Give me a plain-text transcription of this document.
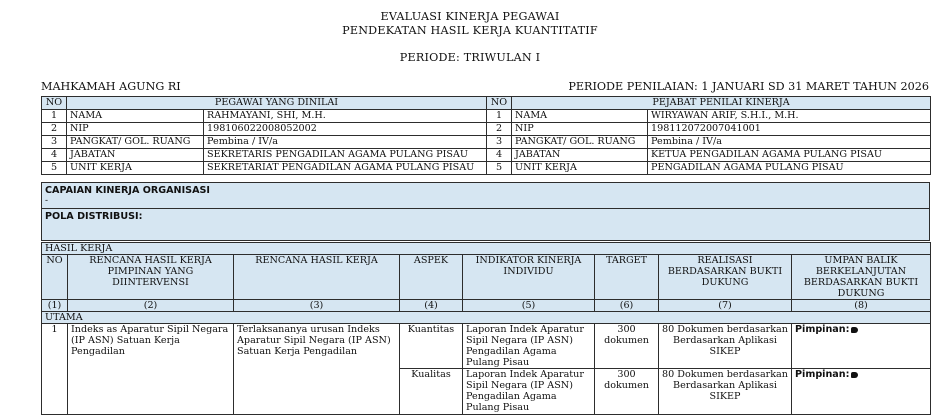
EVALUASI KINERJA PEGAWAI
PENDEKATAN HASIL KERJA KUANTITATIF
PERIODE: TRIWULAN I
MAHKAMAH AGUNG RI	PERIODE PENILAIAN: 1 JANUARI SD 31 MARET TAHUN 2026
NO	PEGAWAI YANG DINILAI		NO	PEJABAT PENILAI KINERJA	
1	NAMA	RAHMAYANI, SHI, M.H.	1	NAMA	WIRYAWAN ARIF, S.H.I., M.H.
2	NIP	198106022008052002	2	NIP	198112072007041001
3	PANGKAT/ GOL. RUANG	Pembina / IV/a	3	PANGKAT/ GOL. RUANG	Pembina / IV/a
4	JABATAN	SEKRETARIS PENGADILAN AGAMA PULANG PISAU	4	JABATAN	KETUA PENGADILAN AGAMA PULANG PISAU
5	UNIT KERJA	SEKRETARIAT PENGADILAN AGAMA PULANG PISAU	5	UNIT KERJA	PENGADILAN AGAMA PULANG PISAU
CAPAIAN KINERJA ORGANISASI
-

POLA DISTRIBUSI:
HASIL KERJA							
NO	RENCANA HASIL KERJA PIMPINAN YANG DIINTERVENSI	RENCANA HASIL KERJA	ASPEK	INDIKATOR KINERJA INDIVIDU	TARGET	REALISASI BERDASARKAN BUKTI DUKUNG	UMPAN BALIK BERKELANJUTAN BERDASARKAN BUKTI DUKUNG
(1)	(2)	(3)	(4)	(5)	(6)	(7)	(8)
UTAMA							
1	Indeks as Aparatur Sipil Negara (IP ASN) Satuan Kerja Pengadilan	Terlaksananya urusan Indeks Aparatur Sipil Negara (IP ASN) Satuan Kerja Pengadilan	Kuantitas	Laporan Indek Aparatur Sipil Negara (IP ASN) Pengadilan Agama Pulang Pisau	300 dokumen	80 Dokumen berdasarkan Berdasarkan Aplikasi SIKEP	Pimpinan:
			Kualitas	Laporan Indek Aparatur Sipil Negara (IP ASN) Pengadilan Agama Pulang Pisau	300 dokumen	80 Dokumen berdasarkan Berdasarkan Aplikasi SIKEP	Pimpinan:
